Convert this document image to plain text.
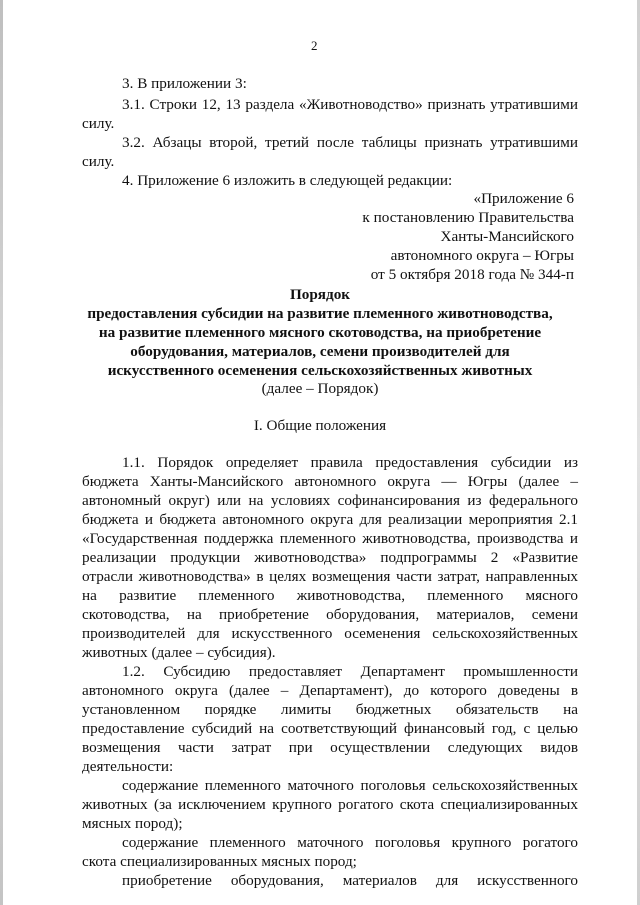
2
3. В приложении 3:
3.1. Строки 12, 13 раздела «Животноводство» признать утратившими
силу.
3.2. Абзацы второй, третий после таблицы признать утратившими
силу.
4. Приложение 6 изложить в следующей редакции:
«Приложение 6
к постановлению Правительства
Ханты-Мансийского
автономного округа – Югры
от 5 октября 2018 года № 344-п
Порядок
предоставления субсидии на развитие племенного животноводства,
на развитие племенного мясного скотоводства, на приобретение
оборудования, материалов, семени производителей для
искусственного осеменения сельскохозяйственных животных
(далее – Порядок)
I. Общие положения
1.1. Порядок определяет правила предоставления субсидии из
бюджета Ханты-Мансийского автономного округа — Югры (далее –
автономный округ) или на условиях софинансирования из федерального
бюджета и бюджета автономного округа для реализации мероприятия 2.1
«Государственная поддержка племенного животноводства, производства и
реализации продукции животноводства» подпрограммы 2 «Развитие
отрасли животноводства» в целях возмещения части затрат, направленных
на развитие племенного животноводства, племенного мясного
скотоводства, на приобретение оборудования, материалов, семени
производителей для искусственного осеменения сельскохозяйственных
животных (далее – субсидия).
1.2. Субсидию предоставляет Департамент промышленности
автономного округа (далее – Департамент), до которого доведены в
установленном порядке лимиты бюджетных обязательств на
предоставление субсидий на соответствующий финансовый год, с целью
возмещения части затрат при осуществлении следующих видов
деятельности:
содержание племенного маточного поголовья сельскохозяйственных
животных (за исключением крупного рогатого скота специализированных
мясных пород);
содержание племенного маточного поголовья крупного рогатого
скота специализированных мясных пород;
приобретение оборудования, материалов для искусственного
